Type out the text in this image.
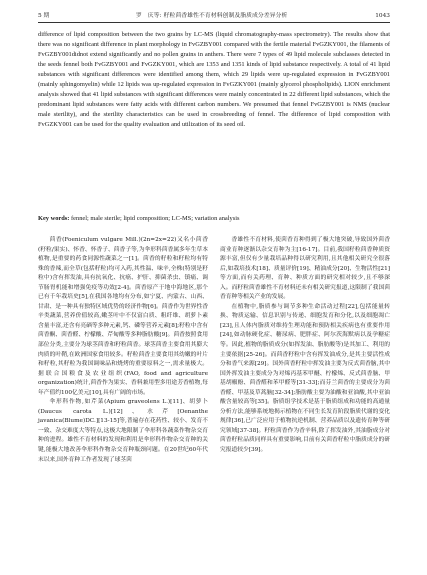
5 期	罗　庆等: 籽粒茴香雄性不育材料创制及脂质成分差异分析	1043

difference of lipid composition between the two grains by LC-MS (liquid chromatography-mass spectrometry). The results show that there was no significant difference in plant morphology in FvGZBY001 compared with the fertile material FvGZKY001, the filaments of FvGZBY001didnot extend significantly and no pollen grains in anthers. There were 7 types of 49 lipid molecule subclasses detected in the seeds fennel both FvGZBY001 and FvGZKY001, which are 1353 and 1351 kinds of lipid substance respectively. A total of 41 lipid substances with significant differences were identified among them, which 29 lipids were up-regulated expression in FvGZBY001 (mainly sphingomyelin) while 12 lipids was up-regulated expression in FvGZKY001 (mainly glycerol phospholipids). LION enrichment analysis showed that 41 lipid substances with significant differences were mainly concentrated in 22 different lipid substances, which the predominant lipid substances were fatty acids with different carbon numbers. We presumed that fennel FvGZBY001 is NMS (nuclear male sterility), and the sterility characteristics can be used in crossbreeding of fennel. The difference of lipid composition with FvGZKY001 can be used for the quality evaluation and utilization of its seed oil.

Key words: fennel; male sterile; lipid composition; LC-MS; variation analysis

茴香(Foeniculum vulgare Mill.)(2n=2x=22)又名小茴香(籽粒/果实)、怀香、怀香子、茴香子等,为伞形科茴香属多年生草本植物,是重要的药食同源性蔬菜之一[1]。茴香的籽粒和籽粒均有特殊的香辣,而全草(包括籽粒)均可入药,其性温、味辛,全株(特别是籽粒中)含有挥发油,具有抗氧化、抗癌、护肝、抑菌杀虫、镇痛、调节肠胃机能和增强免疫等功效[2-4]。茴香原产于地中海地区,那个已有千年栽培史[5],在我国各地均有分布,如宁夏、内蒙古、山西、甘肃、是一种具有独特区域优势的经济作物[6]。茴香作为世界性香辛类蔬菜,营养价值较高,嫩茎叶中不仅富白质、粗纤维、胡萝卜素含量丰富,还含有亮硒等多种元素,钙、磷等营养元素[8];籽粒中含有茴香酮、茴香醛、柠檬酸、芹甸酸等多种脂肪酸[9]。茴香按照食用部位分类,主要分为球茎茴香和籽粒茴香。球茎茴香主要食用其膨大肉质的叶鞘,在欧洲国家食用较多。籽粒茴香主要食用其幼嫩的叶片和籽粒,其籽粒为我国调味品和烧烤的重要原料之一,需求量极大。据联合国粮食及农业组织(FAO, food and agriculture organization)统计,茴香作为果实、香料兼用型多用途芳香植物,每年产值约100亿美元[10],具有广阔的市场。

伞形科作物,如芹菜(Apium graveolens L.)[11]、胡萝卜(Daucus carota L.)[12]、水芹[Oenanthe javanica(Blume)DC.][13-15]等,普遍存在花药性、较小、发育不一致、杂交难度大等特点,这极大地限制了伞形科各蔬菜作物杂交育种的进程。雄性不育材料的发现和利用是伞形科作物杂交育种的关键,能极大地改善伞形科作物杂交育种瓶颈问题。在20世纪60年代末以来,国外育种工作者发现了球茎茴

香雄性不育材料,使茴香育种得到了极大地突破,导致国外茴香商业育种逐渐以杂交育种为主[16-17]。目前,我国籽粒茴香种质资源丰富,但仅有少量栽培品种得以研究利用,且其他相关研究全很落后,如栽培技术[18]、质量评价[19]、精油成分[20]、生物活性[21]等方面,而有关药理、育种、种质方面的研究相对较少,且不够深入。而籽粒茴香雄性不育材料还未有相关研究报道,这限制了我国茴香育种等相关产业的发展。

在植物中,脂质参与调节多种生命活动过程[22],包括能量转换、物质运输、信息识别与传递、细胞发育和分化,以及细胞凋亡[23],且人体内脂质对维持生理功能和预防相关疾病也有重要作用[24],如动脉硬化症、糖尿病、肥胖症、阿尔茨海默病以及孕糖症等。因此,植物的脂质成分(如挥发油、脂肪酸等)是其加工、利用的主要依据[25-26]。而茴香籽粒中含有挥发油成分,是其主要活性成分和香气来源[29]。国外茴香籽粒中挥发油主要为反式茴香脑,其中国外挥发油主要成分为对烯丙基苯甲醚、柠檬烯、反式茴香脑、甲基胡椒酚、茴香醛和苯甲醛等[31-33];而芬兰茴香的主要成分为茴香醛、甲基及草蒿脑[32-34];脂肪酸主要为油酸和亚油酸,其中亚油酸含量较高等[35]。脂质组学技术是基于脂质组成和功能的高通量分析方法,能够系统地揭示植物在不同生长发育阶段脂质代谢的变化规律[36],已广泛应用于植物抗逆机制、营养品质以及遗传育种等研究领域[37-38]。籽粒茴香作为香辛料,除了挥发油外,其油脂成分对茴香籽粒品质同样具有重要影响,目前有关茴香籽粒中脂质成分的研究报道较少[39]。
